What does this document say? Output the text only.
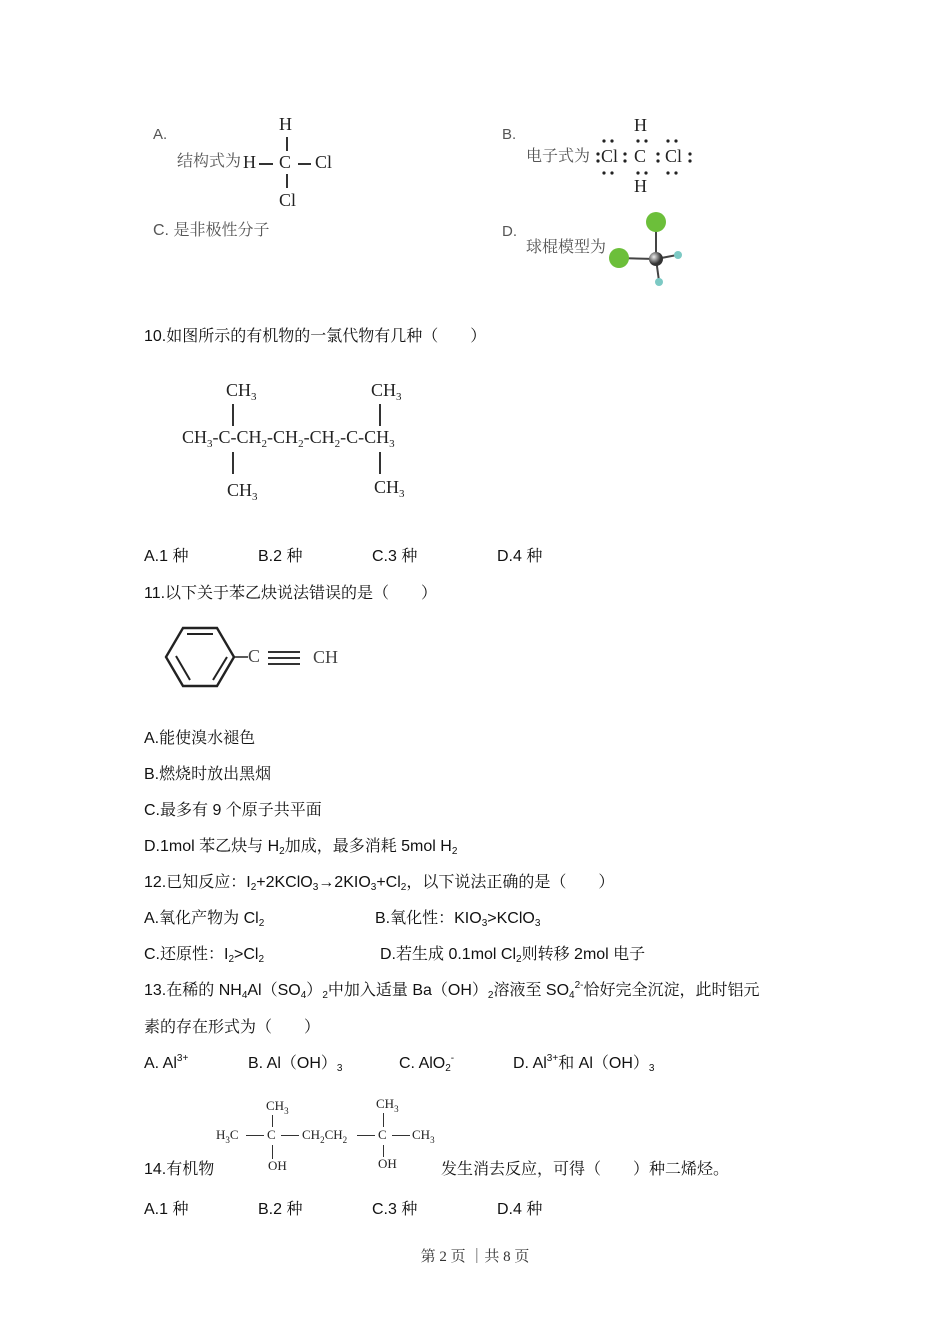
A.
结构式为
H
H C Cl
Cl
C. 是非极性分子
B.
电子式为
H
Cl C Cl
H
D.
球棍模型为
10.如图所示的有机物的一氯代物有几种（　　）
$CH_3$	$CH_3$
$CH_3-C-CH_2-CH_2-CH_2-C-CH_3$
$CH_3$	$CH_3$
A.1 种	B.2 种	C.3 种	D.4 种
11.以下关于苯乙炔说法错误的是（　　）
C	CH
A.能使溴水褪色
B.燃烧时放出黑烟
C.最多有 9 个原子共平面
D.1mol 苯乙炔与 $H_2$加成，最多消耗 5mol $H_2$
12.已知反应：$I_2+2KClO_3\to 2KIO_3+Cl_2$，以下说法正确的是（　　）
A.氧化产物为 $Cl_2$	B.氧化性：$KIO_3>KClO_3$
C.还原性：$I_2>Cl_2$	D.若生成 0.1mol $Cl_2$则转移 2mol 电子
13.在稀的 $NH_4Al(SO_4)_2$中加入适量 $Ba(OH)_2$溶液至 $SO_4^{2-}$恰好完全沉淀，此时铝元
素的存在形式为（　　）
A. $Al^{3+}$	B. $Al(OH)_3$	C. AlO$_2$-	D. $Al^{3+}$和 $Al(OH)_3$
$CH_3$	$CH_3$
$H_3C$ C $CH_2CH_2$ C $CH_3$
OH	OH
14.有机物	发生消去反应，可得（　　）种二烯烃。
A.1 种	B.2 种	C.3 种	D.4 种
第 2 页 ｜共 8 页
